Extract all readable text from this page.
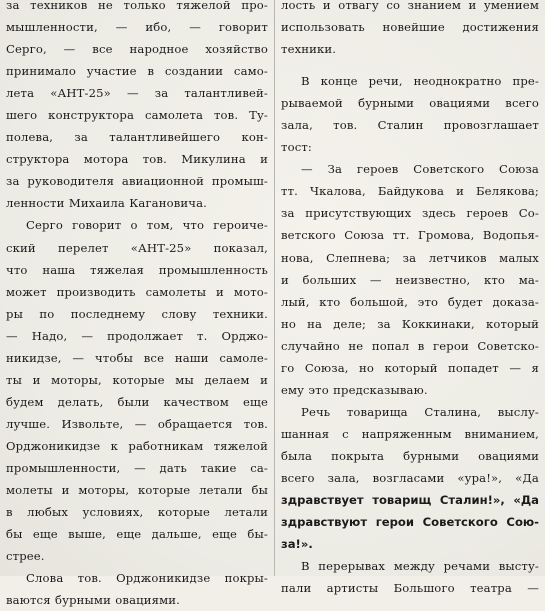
за техников не только тяжелой про-
мышленности, — ибо, — говорит
Серго, — все народное хозяйство
принимало участие в создании само-
лета «АНТ-25» — за талантливей-
шего конструктора самолета тов. Ту-
полева, за талантливейшего кон-
структора мотора тов. Микулина и
за руководителя авиационной промыш-
ленности Михаила Кагановича.
Серго говорит о том, что героиче-
ский перелет «АНТ-25» показал,
что наша тяжелая промышленность
может производить самолеты и мото-
ры по последнему слову техники.
— Надо, — продолжает т. Орджо-
никидзе, — чтобы все наши самоле-
ты и моторы, которые мы делаем и
будем делать, были качеством еще
лучше. Извольте, — обращается тов.
Орджоникидзе к работникам тяжелой
промышленности, — дать такие са-
молеты и моторы, которые летали бы
в любых условиях, которые летали
бы еще выше, еще дальше, еще бы-
стрее.
Слова тов. Орджоникидзе покры-
ваются бурными овациями.
лость и отвагу со знанием и умением
использовать новейшие достижения
техники.
В конце речи, неоднократно пре-
рываемой бурными овациями всего
зала, тов. Сталин провозглашает
тост:
— За героев Советского Союза
тт. Чкалова, Байдукова и Белякова;
за присутствующих здесь героев Со-
ветского Союза тт. Громова, Водопья-
нова, Слепнева; за летчиков малых
и больших — неизвестно, кто ма-
лый, кто большой, это будет доказа-
но на деле; за Коккинаки, который
случайно не попал в герои Советско-
го Союза, но который попадет — я
ему это предсказываю.
Речь товарища Сталина, выслу-
шанная с напряженным вниманием,
была покрыта бурными овациями
всего зала, возгласами «ура!», «Да
здравствует товарищ Сталин!», «Да
здравствуют герои Советского Сою-
за!».
В перерывах между речами высту-
пали артисты Большого театра —
